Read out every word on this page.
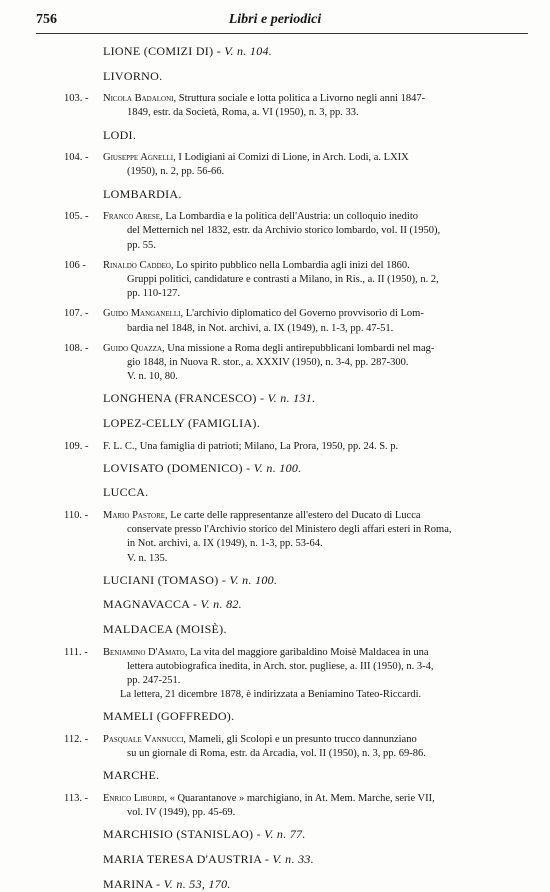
756	Libri e periodici
LIONE (COMIZI DI) - V. n. 104.
LIVORNO.
103. - Nicola Badaloni, Struttura sociale e lotta politica a Livorno negli anni 1847-
1849, estr. da Società, Roma, a. VI (1950), n. 3, pp. 33.
LODI.
104. - Giuseppe Agnelli, I Lodigiani ai Comizi di Lione, in Arch. Lodi, a. LXIX
(1950), n. 2, pp. 56-66.
LOMBARDIA.
105. - Franco Arese, La Lombardia e la politica dell'Austria: un colloquio inedito
del Metternich nel 1832, estr. da Archivio storico lombardo, vol. II (1950),
pp. 55.
106 - Rinaldo Caddeo, Lo spirito pubblico nella Lombardia agli inizi del 1860.
Gruppi politici, candidature e contrasti a Milano, in Ris., a. II (1950), n. 2,
pp. 110-127.
107. - Guido Manganelli, L'archivio diplomatico del Governo provvisorio di Lom-
bardia nel 1848, in Not. archivi, a. IX (1949), n. 1-3, pp. 47-51.
108. - Guido Quazza, Una missione a Roma degli antirepubblicani lombardi nel mag-
gio 1848, in Nuova R. stor., a. XXXIV (1950), n. 3-4, pp. 287-300.
V. n. 10, 80.
LONGHENA (FRANCESCO) - V. n. 131.
LOPEZ-CELLY (FAMIGLIA).
109. - F. L. C., Una famiglia di patrioti; Milano, La Prora, 1950, pp. 24. S. p.
LOVISATO (DOMENICO) - V. n. 100.
LUCCA.
110. - Mario Pastore, Le carte delle rappresentanze all'estero del Ducato di Lucca
conservate presso l'Archivio storico del Ministero degli affari esteri in Roma,
in Not. archivi, a. IX (1949), n. 1-3, pp. 53-64.
V. n. 135.
LUCIANI (TOMASO) - V. n. 100.
MAGNAVACCA - V. n. 82.
MALDACEA (MOISÈ).
111. - Beniamino D'Amato, La vita del maggiore garibaldino Moisè Maldacea in una
lettera autobiografica inedita, in Arch. stor. pugliese, a. III (1950), n. 3-4,
pp. 247-251.
La lettera, 21 dicembre 1878, è indirizzata a Beniamino Tateo-Riccardi.
MAMELI (GOFFREDO).
112. - Pasquale Vannucci, Mameli, gli Scolopi e un presunto trucco dannunziano
su un giornale di Roma, estr. da Arcadia, vol. II (1950), n. 3, pp. 69-86.
MARCHE.
113. - Enrico Liburdi, « Quarantanove » marchigiano, in At. Mem. Marche, serie VII,
vol. IV (1949), pp. 45-69.
MARCHISIO (STANISLAO) - V. n. 77.
MARIA TERESA D'AUSTRIA - V. n. 33.
MARINA - V. n. 53, 170.
